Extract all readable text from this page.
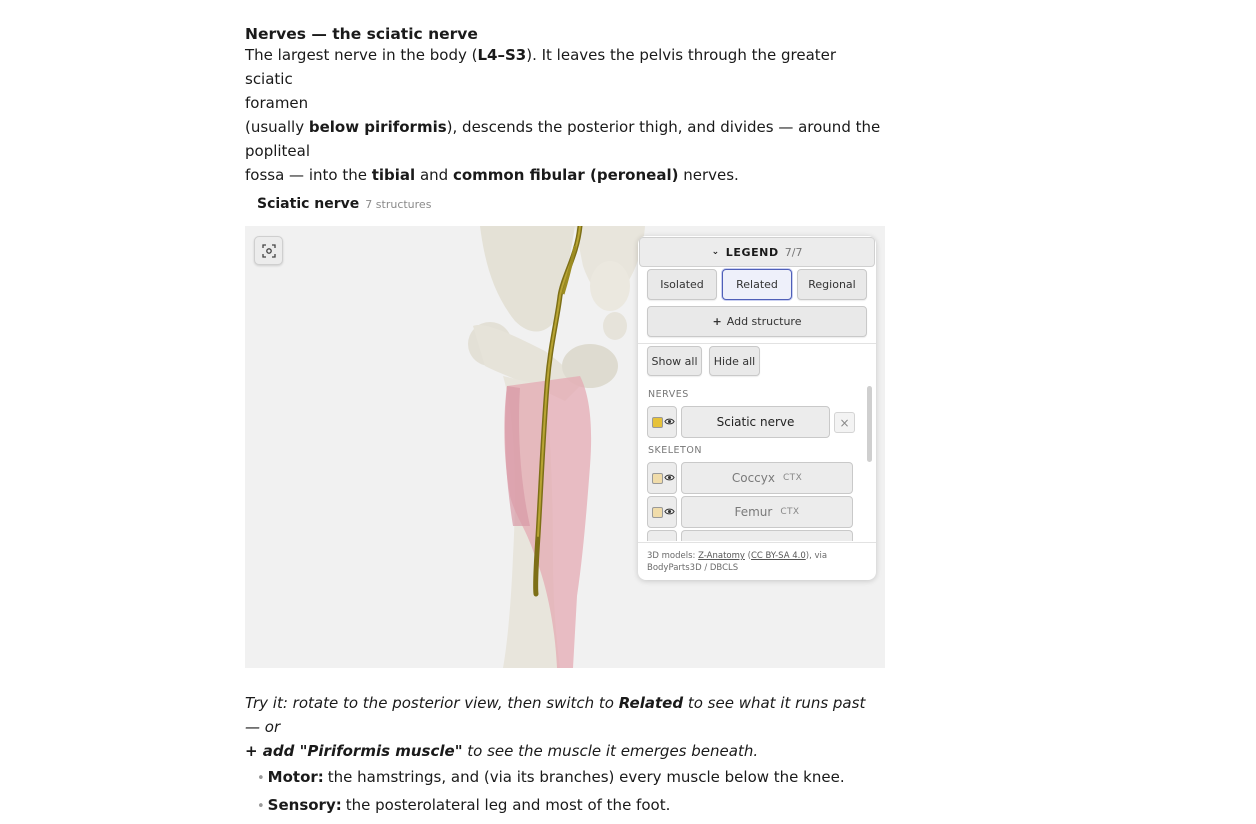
Nerves — the sciatic nerve
The largest nerve in the body (L4–S3). It leaves the pelvis through the greater sciatic
foramen
(usually below piriformis), descends the posterior thigh, and divides — around the
popliteal
fossa — into the tibial and common fibular (peroneal) nerves.
Sciatic nerve 7 structures
⌄ LEGEND 7/7
Isolated	Related	Regional
+ Add structure
Show all Hide all
NERVES
Sciatic nerve	×
SKELETON
Coccyx CTX
Femur CTX
3D models: Z-Anatomy (CC BY-SA 4.0), via BodyParts3D / DBCLS
Try it: rotate to the posterior view, then switch to Related to see what it runs past — or
+ add "Piriformis muscle" to see the muscle it emerges beneath.
• Motor: the hamstrings, and (via its branches) every muscle below the knee.
• Sensory: the posterolateral leg and most of the foot.
